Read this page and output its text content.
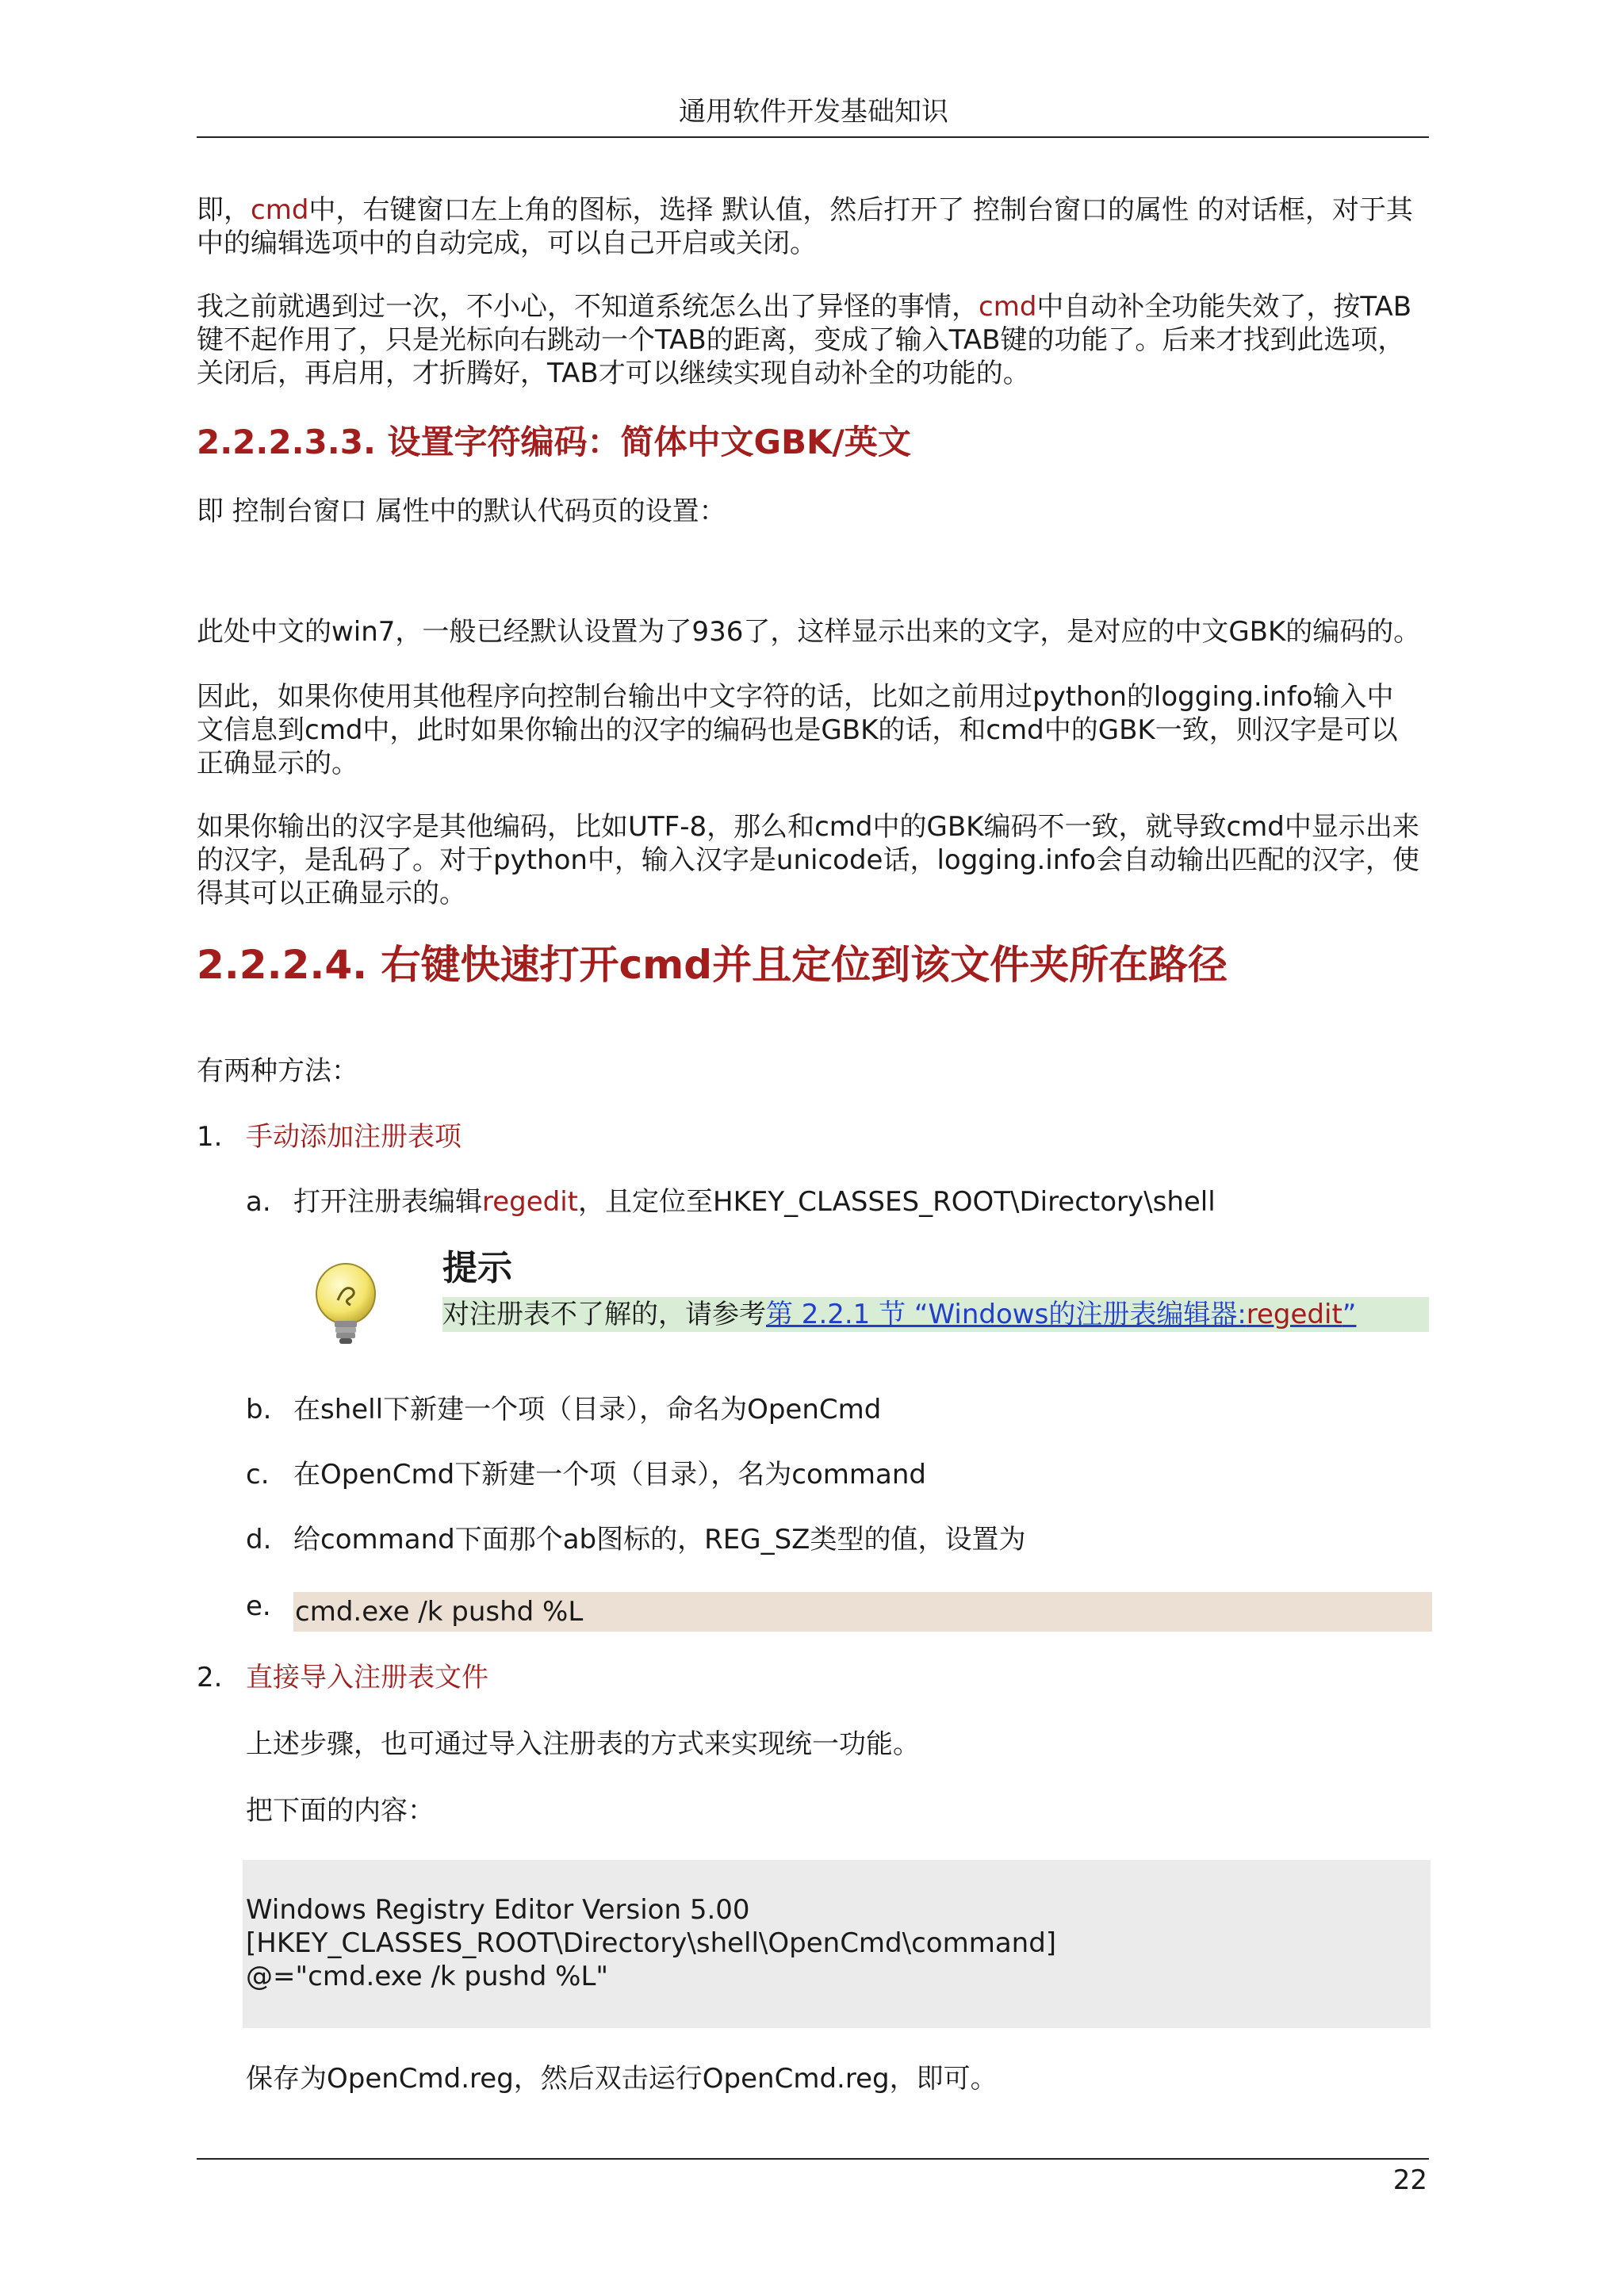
通用软件开发基础知识
即，cmd中，右键窗口左上角的图标，选择 默认值，然后打开了 控制台窗口的属性 的对话框，对于其
中的编辑选项中的自动完成，可以自己开启或关闭。
我之前就遇到过一次，不小心，不知道系统怎么出了异怪的事情，cmd中自动补全功能失效了，按TAB
键不起作用了，只是光标向右跳动一个TAB的距离，变成了输入TAB键的功能了。后来才找到此选项，
关闭后，再启用，才折腾好，TAB才可以继续实现自动补全的功能的。
2.2.2.3.3. 设置字符编码：简体中文GBK/英文
即 控制台窗口 属性中的默认代码页的设置：
此处中文的win7，一般已经默认设置为了936了，这样显示出来的文字，是对应的中文GBK的编码的。
因此，如果你使用其他程序向控制台输出中文字符的话，比如之前用过python的logging.info输入中
文信息到cmd中，此时如果你输出的汉字的编码也是GBK的话，和cmd中的GBK一致，则汉字是可以
正确显示的。
如果你输出的汉字是其他编码，比如UTF-8，那么和cmd中的GBK编码不一致，就导致cmd中显示出来
的汉字，是乱码了。对于python中，输入汉字是unicode话，logging.info会自动输出匹配的汉字，使
得其可以正确显示的。
2.2.2.4. 右键快速打开cmd并且定位到该文件夹所在路径
有两种方法：
1. 手动添加注册表项
a. 打开注册表编辑regedit，且定位至HKEY_CLASSES_ROOT\Directory\shell
提示
对注册表不了解的，请参考第 2.2.1 节 “Windows的注册表编辑器:regedit”
b. 在shell下新建一个项（目录），命名为OpenCmd
c. 在OpenCmd下新建一个项（目录），名为command
d. 给command下面那个ab图标的，REG_SZ类型的值，设置为
e. cmd.exe /k pushd %L
2. 直接导入注册表文件
上述步骤，也可通过导入注册表的方式来实现统一功能。
把下面的内容：
Windows Registry Editor Version 5.00
[HKEY_CLASSES_ROOT\Directory\shell\OpenCmd\command]
@="cmd.exe /k pushd %L"
保存为OpenCmd.reg，然后双击运行OpenCmd.reg，即可。
22
